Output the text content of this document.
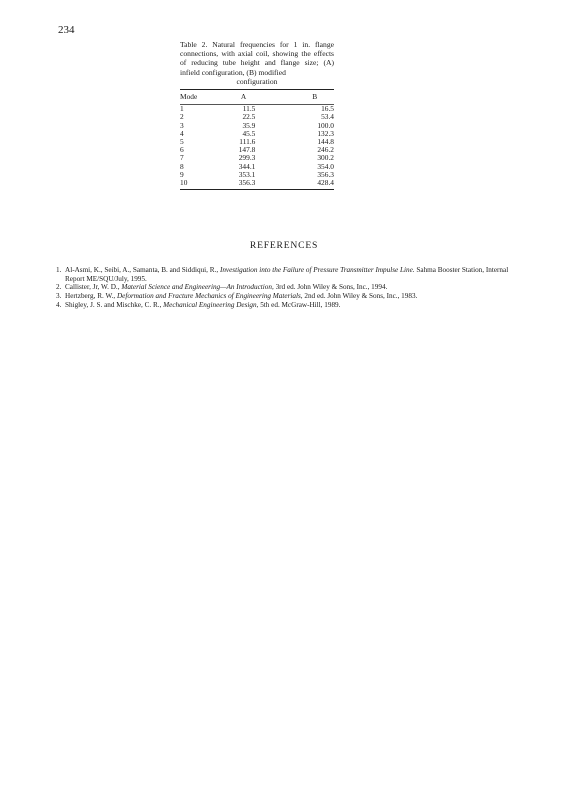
234

Table 2. Natural frequencies for 1 in. flange connections, with axial coil, showing the effects of reducing tube height and flange size; (A) infield configuration, (B) modified
configuration

Mode	A	B

1	11.5	16.5
2	22.5	53.4
3	35.9	100.0
4	45.5	132.3
5	111.6	144.8
6	147.8	246.2
7	299.3	300.2
8	344.1	354.0
9	353.1	356.3
10	356.3	428.4
REFERENCES
1. Al-Asmi, K., Seibi, A., Samanta, B. and Siddiqui, R., Investigation into the Failure of Pressure Transmitter Impulse Line. Sahma Booster Station, Internal Report ME/SQU/July, 1995.
2. Callister, Jr, W. D., Material Science and Engineering—An Introduction, 3rd ed. John Wiley & Sons, Inc., 1994.
3. Hertzberg, R. W., Deformation and Fracture Mechanics of Engineering Materials, 2nd ed. John Wiley & Sons, Inc., 1983.
4. Shigley, J. S. and Mischke, C. R., Mechanical Engineering Design, 5th ed. McGraw-Hill, 1989.
